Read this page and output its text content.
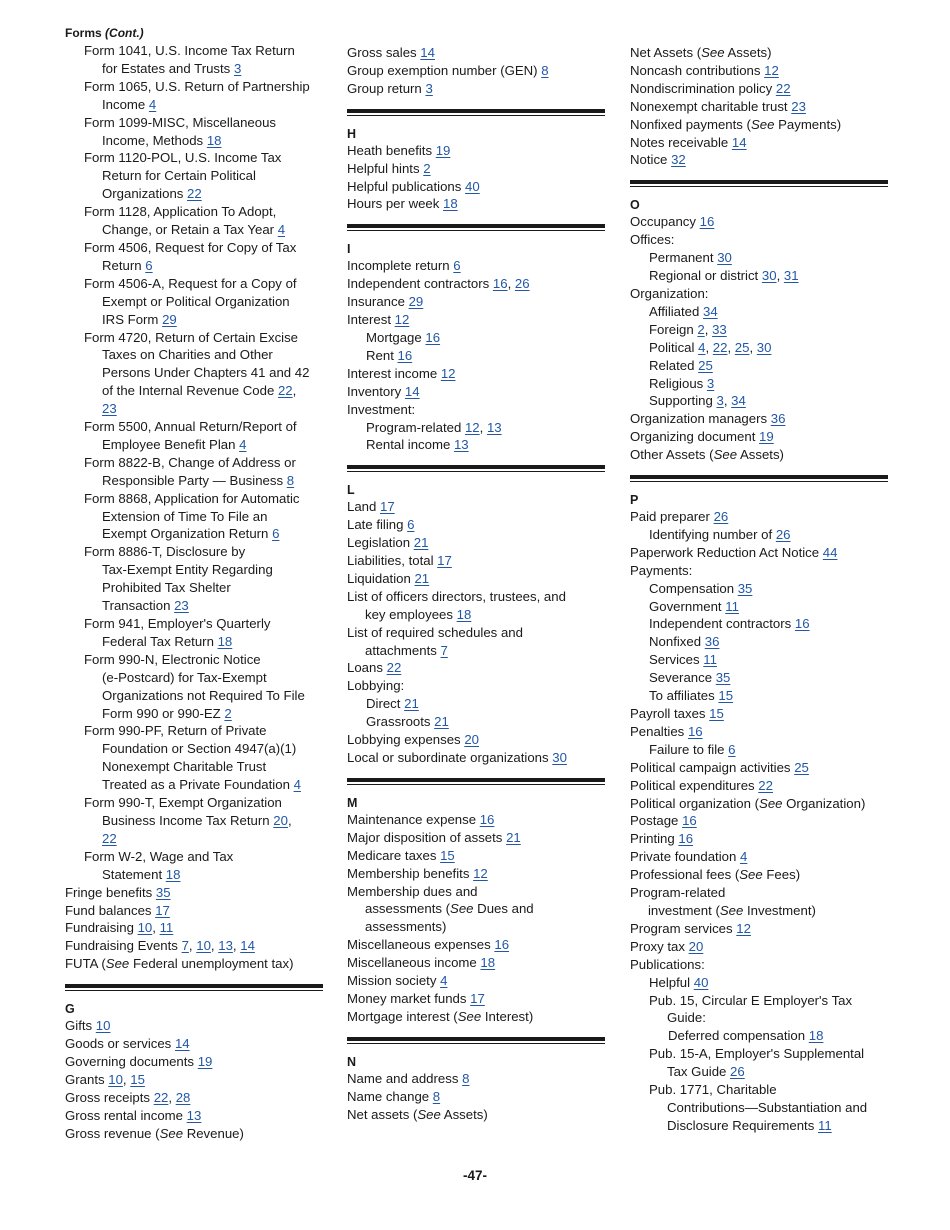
Forms (Cont.)
Form 1041, U.S. Income Tax Return
for Estates and Trusts 3
Form 1065, U.S. Return of Partnership
Income 4
Form 1099-MISC, Miscellaneous
Income, Methods 18
Form 1120-POL, U.S. Income Tax
Return for Certain Political
Organizations 22
Form 1128, Application To Adopt,
Change, or Retain a Tax Year 4
Form 4506, Request for Copy of Tax
Return 6
Form 4506-A, Request for a Copy of
Exempt or Political Organization
IRS Form 29
Form 4720, Return of Certain Excise
Taxes on Charities and Other
Persons Under Chapters 41 and 42
of the Internal Revenue Code 22,
23
Form 5500, Annual Return/Report of
Employee Benefit Plan 4
Form 8822-B, Change of Address or
Responsible Party — Business 8
Form 8868, Application for Automatic
Extension of Time To File an
Exempt Organization Return 6
Form 8886-T, Disclosure by
Tax-Exempt Entity Regarding
Prohibited Tax Shelter
Transaction 23
Form 941, Employer's Quarterly
Federal Tax Return 18
Form 990-N, Electronic Notice
(e-Postcard) for Tax-Exempt
Organizations not Required To File
Form 990 or 990-EZ 2
Form 990-PF, Return of Private
Foundation or Section 4947(a)(1)
Nonexempt Charitable Trust
Treated as a Private Foundation 4
Form 990-T, Exempt Organization
Business Income Tax Return 20,
22
Form W-2, Wage and Tax
Statement 18
Fringe benefits 35
Fund balances 17
Fundraising 10, 11
Fundraising Events 7, 10, 13, 14
FUTA (See Federal unemployment tax)
G
Gifts 10
Goods or services 14
Governing documents 19
Grants 10, 15
Gross receipts 22, 28
Gross rental income 13
Gross revenue (See Revenue)
Gross sales 14
Group exemption number (GEN) 8
Group return 3
H
Heath benefits 19
Helpful hints 2
Helpful publications 40
Hours per week 18
I
Incomplete return 6
Independent contractors 16, 26
Insurance 29
Interest 12
Mortgage 16
Rent 16
Interest income 12
Inventory 14
Investment:
Program-related 12, 13
Rental income 13
L
Land 17
Late filing 6
Legislation 21
Liabilities, total 17
Liquidation 21
List of officers directors, trustees, and
key employees 18
List of required schedules and
attachments 7
Loans 22
Lobbying:
Direct 21
Grassroots 21
Lobbying expenses 20
Local or subordinate organizations 30
M
Maintenance expense 16
Major disposition of assets 21
Medicare taxes 15
Membership benefits 12
Membership dues and
assessments (See Dues and
assessments)
Miscellaneous expenses 16
Miscellaneous income 18
Mission society 4
Money market funds 17
Mortgage interest (See Interest)
N
Name and address 8
Name change 8
Net assets (See Assets)
Net Assets (See Assets)
Noncash contributions 12
Nondiscrimination policy 22
Nonexempt charitable trust 23
Nonfixed payments (See Payments)
Notes receivable 14
Notice 32
O
Occupancy 16
Offices:
Permanent 30
Regional or district 30, 31
Organization:
Affiliated 34
Foreign 2, 33
Political 4, 22, 25, 30
Related 25
Religious 3
Supporting 3, 34
Organization managers 36
Organizing document 19
Other Assets (See Assets)
P
Paid preparer 26
Identifying number of 26
Paperwork Reduction Act Notice 44
Payments:
Compensation 35
Government 11
Independent contractors 16
Nonfixed 36
Services 11
Severance 35
To affiliates 15
Payroll taxes 15
Penalties 16
Failure to file 6
Political campaign activities 25
Political expenditures 22
Political organization (See Organization)
Postage 16
Printing 16
Private foundation 4
Professional fees (See Fees)
Program-related
investment (See Investment)
Program services 12
Proxy tax 20
Publications:
Helpful 40
Pub. 15, Circular E Employer's Tax
Guide:
Deferred compensation 18
Pub. 15-A, Employer's Supplemental
Tax Guide 26
Pub. 1771, Charitable
Contributions—Substantiation and
Disclosure Requirements 11
-47-
